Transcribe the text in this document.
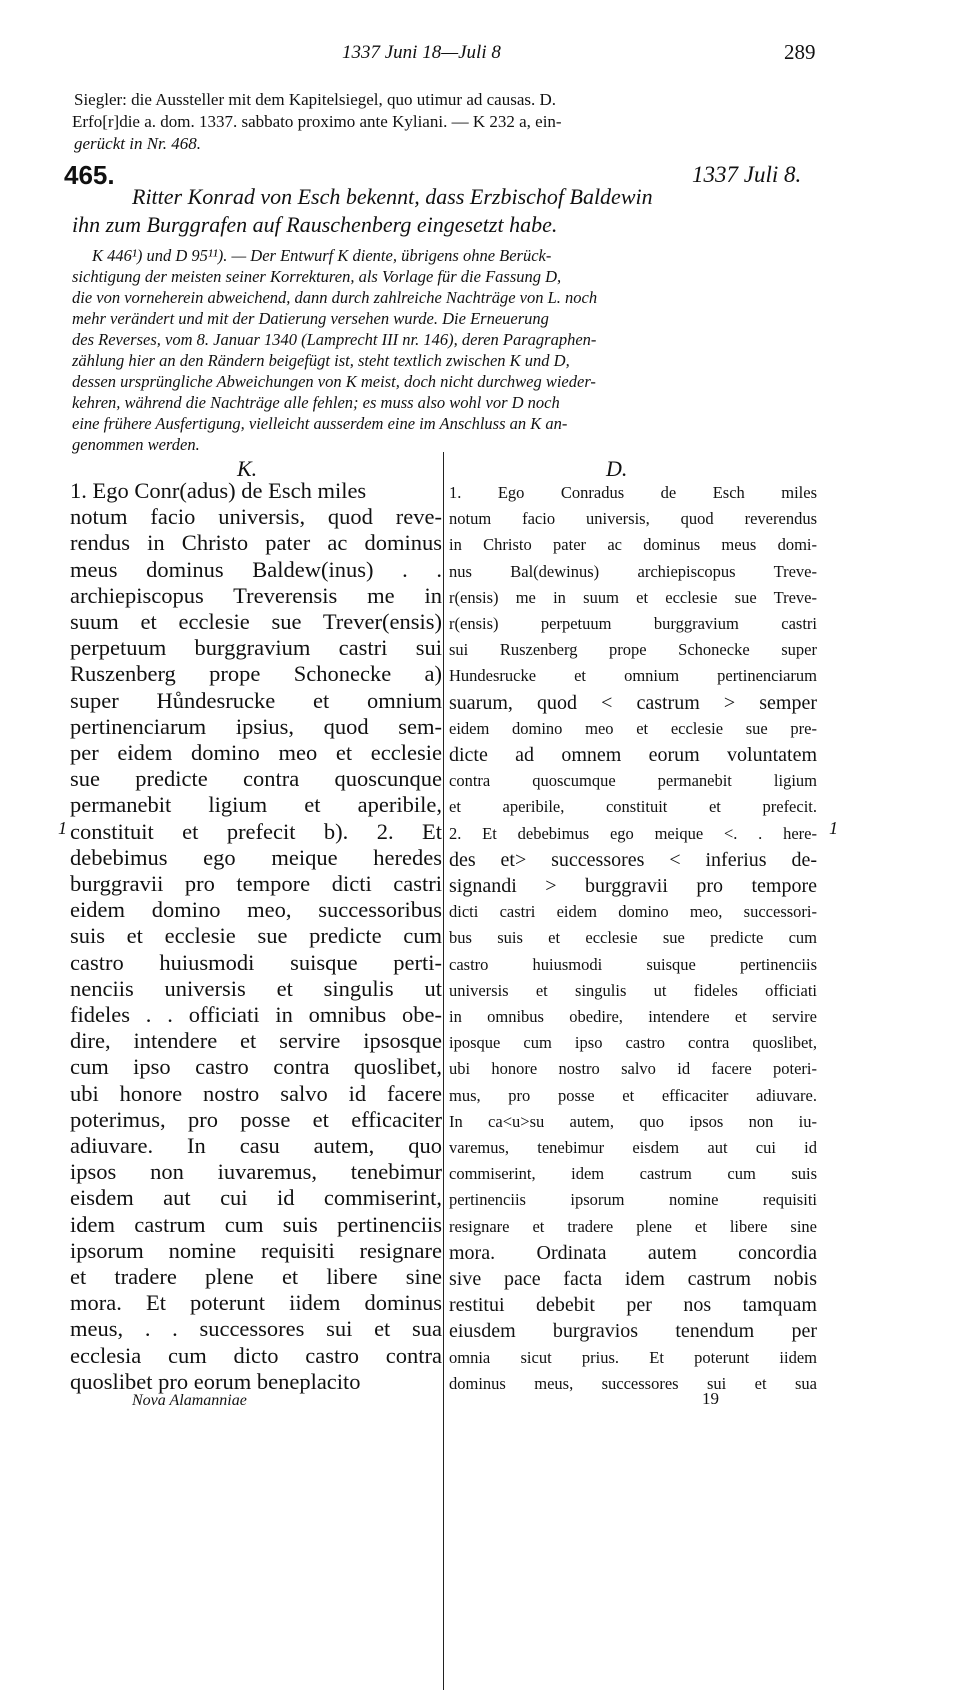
1337 Juni 18—Juli 8	289
Siegler: die Aussteller mit dem Kapitelsiegel, quo utimur ad causas. D.
Erfo[r]die a. dom. 1337. sabbato proximo ante Kyliani. — K 232 a, ein-
gerückt in Nr. 468.
465.	1337 Juli 8.
Ritter Konrad von Esch bekennt, dass Erzbischof Baldewin
ihn zum Burggrafen auf Rauschenberg eingesetzt habe.
K 446¹) und D 95¹¹). — Der Entwurf K diente, übrigens ohne Berück-
sichtigung der meisten seiner Korrekturen, als Vorlage für die Fassung D,
die von vorneherein abweichend, dann durch zahlreiche Nachträge von L. noch
mehr verändert und mit der Datierung versehen wurde. Die Erneuerung
des Reverses, vom 8. Januar 1340 (Lamprecht III nr. 146), deren Paragraphen-
zählung hier an den Rändern beigefügt ist, steht textlich zwischen K und D,
dessen ursprüngliche Abweichungen von K meist, doch nicht durchweg wieder-
kehren, während die Nachträge alle fehlen; es muss also wohl vor D noch
eine frühere Ausfertigung, vielleicht ausserdem eine im Anschluss an K an-
genommen werden.
K.	D.
1	1
1. Ego Conr(adus) de Esch miles
notum facio universis, quod reve-
rendus in Christo pater ac dominus
meus dominus Baldew(inus) . .
archiepiscopus Treverensis me in
suum et ecclesie sue Trever(ensis)
perpetuum burggravium castri sui
Ruszenberg prope Schonecke a)
super Hůndesrucke et omnium
pertinenciarum ipsius, quod sem-
per eidem domino meo et ecclesie
sue predicte contra quoscunque
permanebit ligium et aperibile,
constituit et prefecit b). 2. Et
debebimus ego meique heredes
burggravii pro tempore dicti castri
eidem domino meo, successoribus
suis et ecclesie sue predicte cum
castro huiusmodi suisque perti-
nenciis universis et singulis ut
fideles . . officiati in omnibus obe-
dire, intendere et servire ipsosque
cum ipso castro contra quoslibet,
ubi honore nostro salvo id facere
poterimus, pro posse et efficaciter
adiuvare. In casu autem, quo
ipsos non iuvaremus, tenebimur
eisdem aut cui id commiserint,
idem castrum cum suis pertinenciis
ipsorum nomine requisiti resignare
et tradere plene et libere sine
mora. Et poterunt iidem dominus
meus, . . successores sui et sua
ecclesia cum dicto castro contra
quoslibet pro eorum beneplacito
1. Ego Conradus de Esch miles
notum facio universis, quod reverendus
in Christo pater ac dominus meus domi-
nus Bal(dewinus) archiepiscopus Treve-
r(ensis) me in suum et ecclesie sue Treve-
r(ensis) perpetuum burggravium castri
sui Ruszenberg prope Schonecke super
Hundesrucke et omnium pertinenciarum
suarum, quod ˂ castrum ˃ semper
eidem domino meo et ecclesie sue pre-
dicte ad omnem eorum voluntatem
contra quoscumque permanebit ligium
et aperibile, constituit et prefecit.
2. Et debebimus ego meique <. . here-
des et> successores ˂ inferius de-
signandi ˃ burggravii pro tempore
dicti castri eidem domino meo, successori-
bus suis et ecclesie sue predicte cum
castro huiusmodi suisque pertinenciis
universis et singulis ut fideles officiati
in omnibus obedire, intendere et servire
iposque cum ipso castro contra quoslibet,
ubi honore nostro salvo id facere poteri-
mus, pro posse et efficaciter adiuvare.
In ca<u>su autem, quo ipsos non iu-
varemus, tenebimur eisdem aut cui id
commiserint, idem castrum cum suis
pertinenciis ipsorum nomine requisiti
resignare et tradere plene et libere sine
mora. Ordinata autem concordia
sive pace facta idem castrum nobis
restitui debebit per nos tamquam
eiusdem burgravios tenendum per
omnia sicut prius. Et poterunt iidem
dominus meus, successores sui et sua
Nova Alamanniae	19
